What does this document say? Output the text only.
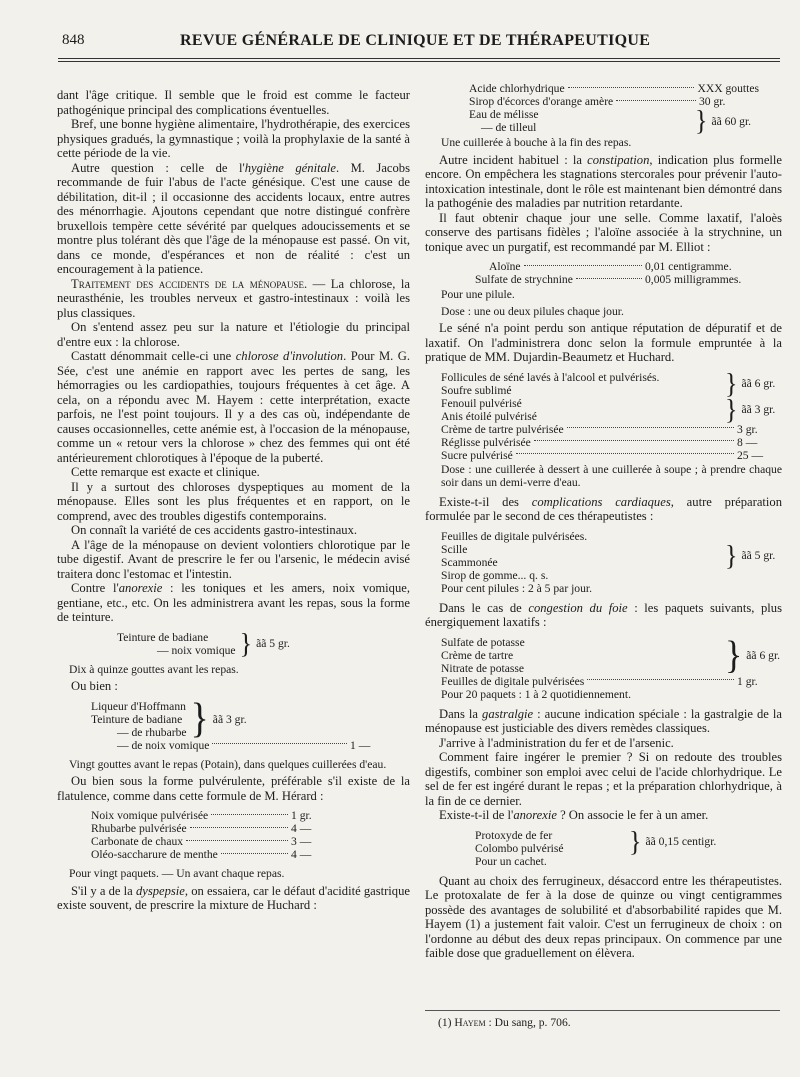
848	REVUE GÉNÉRALE DE CLINIQUE ET DE THÉRAPEUTIQUE

dant l'âge critique. Il semble que le froid est comme le facteur pathogénique principal des complications éventuelles.

Bref, une bonne hygiène alimentaire, l'hydrothérapie, des exercices physiques gradués, la gymnastique ; voilà la prophylaxie de la santé à cette période de la vie.

Autre question : celle de l'hygiène génitale. M. Jacobs recommande de fuir l'abus de l'acte génésique. C'est une cause de débilitation, dit-il ; il occasionne des accidents locaux, entre autres des ménorrhagie. Ajoutons cependant que notre distingué confrère bruxellois tempère cette sévérité par quelques adoucissements et se montre plus tolérant dès que l'âge de la ménopause est passé. On vit, dans ce monde, d'espérances et non de réalité : c'est un encouragement à la patience.

Traitement des accidents de la ménopause. — La chlorose, la neurasthénie, les troubles nerveux et gastro-intestinaux : voilà les plus classiques.

On s'entend assez peu sur la nature et l'étiologie du principal d'entre eux : la chlorose.

Castatt dénommait celle-ci une chlorose d'involution. Pour M. G. Sée, c'est une anémie en rapport avec les pertes de sang, les hémorragies ou les cardiopathies, toujours fréquentes à cet âge. A cela, on a répondu avec M. Hayem : cette interprétation, exacte parfois, ne l'est point toujours. Il y a des cas où, indépendante de causes occasionnelles, cette anémie est, à l'occasion de la ménopause, comme un « retour vers la chlorose » chez des femmes qui ont été antérieurement chlorotiques à l'époque de la puberté.

Cette remarque est exacte et clinique.

Il y a surtout des chloroses dyspeptiques au moment de la ménopause. Elles sont les plus fréquentes et en rapport, on le comprend, avec des troubles digestifs contemporains.

On connaît la variété de ces accidents gastro-intestinaux.

A l'âge de la ménopause on devient volontiers chlorotique par le tube digestif. Avant de prescrire le fer ou l'arsenic, le médecin avisé traitera donc l'estomac et l'intestin.

Contre l'anorexie : les toniques et les amers, noix vomique, gentiane, etc., etc. On les administrera avant les repas, sous la forme de teinture.

Teinture de badiane
— noix vomique } ãã 5 gr.
Dix à quinze gouttes avant les repas.

Ou bien :

Liqueur d'Hoffmann
Teinture de badiane
— de rhubarbe } ãã 3 gr.
— de noix vomique	1 —
Vingt gouttes avant le repas (Potain), dans quelques cuillerées d'eau.

Ou bien sous la forme pulvérulente, préférable s'il existe de la flatulence, comme dans cette formule de M. Hérard :

Noix vomique pulvérisée	1 gr.
Rhubarbe pulvérisée	4 —
Carbonate de chaux	3 —
Oléo-saccharure de menthe	4 —
Pour vingt paquets. — Un avant chaque repas.

S'il y a de la dyspepsie, on essaiera, car le défaut d'acidité gastrique existe souvent, de prescrire la mixture de Huchard :

Acide chlorhydrique	XXX gouttes
Sirop d'écorces d'orange amère	30 gr.
Eau de mélisse
— de tilleul	} ãã 60 gr.
Une cuillerée à bouche à la fin des repas.

Autre incident habituel : la constipation, indication plus formelle encore. On empêchera les stagnations stercorales pour prévenir l'auto-intoxication intestinale, dont le rôle est maintenant bien démontré dans la pathogénie des maladies par nutrition retardante.

Il faut obtenir chaque jour une selle. Comme laxatif, l'aloès conserve des partisans fidèles ; l'aloïne associée à la strychnine, un tonique avec un purgatif, est recommandé par M. Elliot :

Aloïne	0,01 centigramme.
Sulfate de strychnine	0,005 milligrammes.
Pour une pilule.
Dose : une ou deux pilules chaque jour.

Le séné n'a point perdu son antique réputation de dépuratif et de laxatif. On l'administrera donc selon la formule empruntée à la pratique de MM. Dujardin-Beaumetz et Huchard.

Follicules de séné lavés à l'alcool et pulvérisés.
Soufre sublimé	} ãã 6 gr.
Fenouil pulvérisé
Anis étoilé pulvérisé	} ãã 3 gr.
Crème de tartre pulvérisée	3 gr.
Réglisse pulvérisée	8 —
Sucre pulvérisé	25 —
Dose : une cuillerée à dessert à une cuillerée à soupe ; à prendre chaque soir dans un demi-verre d'eau.

Existe-t-il des complications cardiaques, autre préparation formulée par le second de ces thérapeutistes :

Feuilles de digitale pulvérisées.
Scille
Scammonée	} ãã 5 gr.
Sirop de gomme... q. s.
Pour cent pilules : 2 à 5 par jour.

Dans le cas de congestion du foie : les paquets suivants, plus énergiquement laxatifs :

Sulfate de potasse
Crème de tartre
Nitrate de potasse	} ãã 6 gr.
Feuilles de digitale pulvérisées	1 gr.
Pour 20 paquets : 1 à 2 quotidiennement.

Dans la gastralgie : aucune indication spéciale : la gastralgie de la ménopause est justiciable des divers remèdes classiques.

J'arrive à l'administration du fer et de l'arsenic.

Comment faire ingérer le premier ? Si on redoute des troubles digestifs, combiner son emploi avec celui de l'acide chlorhydrique. Le sel de fer est ingéré durant le repas ; et la préparation chlorhydrique, à la fin de ce dernier.

Existe-t-il de l'anorexie ? On associe le fer à un amer.

Protoxyde de fer
Colombo pulvérisé	} ãã 0,15 centigr.
Pour un cachet.

Quant au choix des ferrugineux, désaccord entre les thérapeutistes. Le protoxalate de fer à la dose de quinze ou vingt centigrammes possède des avantages de solubilité et d'absorbabilité rapides que M. Hayem (1) a justement fait valoir. C'est un ferrugineux de choix : on l'ordonne au début des deux repas principaux. On commence par une faible dose que graduellement on élèvera.

(1) Hayem : Du sang, p. 706.
